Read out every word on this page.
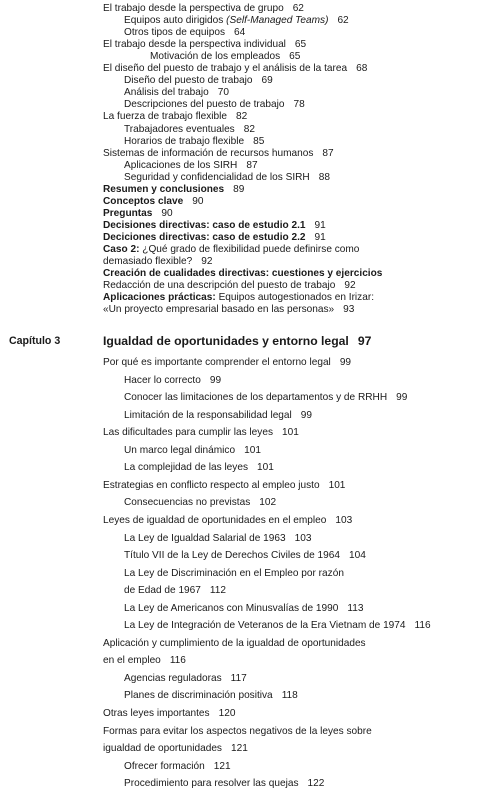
El trabajo desde la perspectiva de grupo 62
Equipos auto dirigidos (Self-Managed Teams) 62
Otros tipos de equipos 64
El trabajo desde la perspectiva individual 65
Motivación de los empleados 65
El diseño del puesto de trabajo y el análisis de la tarea 68
Diseño del puesto de trabajo 69
Análisis del trabajo 70
Descripciones del puesto de trabajo 78
La fuerza de trabajo flexible 82
Trabajadores eventuales 82
Horarios de trabajo flexible 85
Sistemas de información de recursos humanos 87
Aplicaciones de los SIRH 87
Seguridad y confidencialidad de los SIRH 88
Resumen y conclusiones 89
Conceptos clave 90
Preguntas 90
Decisiones directivas: caso de estudio 2.1 91
Deciciones directivas: caso de estudio 2.2 91
Caso 2: ¿Qué grado de flexibilidad puede definirse como
demasiado flexible? 92
Creación de cualidades directivas: cuestiones y ejercicios
Redacción de una descripción del puesto de trabajo 92
Aplicaciones prácticas: Equipos autogestionados en Irizar:
«Un proyecto empresarial basado en las personas» 93
Capítulo 3	Igualdad de oportunidades y entorno legal 97
Por qué es importante comprender el entorno legal 99
Hacer lo correcto 99
Conocer las limitaciones de los departamentos y de RRHH 99
Limitación de la responsabilidad legal 99
Las dificultades para cumplir las leyes 101
Un marco legal dinámico 101
La complejidad de las leyes 101
Estrategias en conflicto respecto al empleo justo 101
Consecuencias no previstas 102
Leyes de igualdad de oportunidades en el empleo 103
La Ley de Igualdad Salarial de 1963 103
Título VII de la Ley de Derechos Civiles de 1964 104
La Ley de Discriminación en el Empleo por razón
de Edad de 1967 112
La Ley de Americanos con Minusvalías de 1990 113
La Ley de Integración de Veteranos de la Era Vietnam de 1974 116
Aplicación y cumplimiento de la igualdad de oportunidades
en el empleo 116
Agencias reguladoras 117
Planes de discriminación positiva 118
Otras leyes importantes 120
Formas para evitar los aspectos negativos de la leyes sobre
igualdad de oportunidades 121
Ofrecer formación 121
Procedimiento para resolver las quejas 122
